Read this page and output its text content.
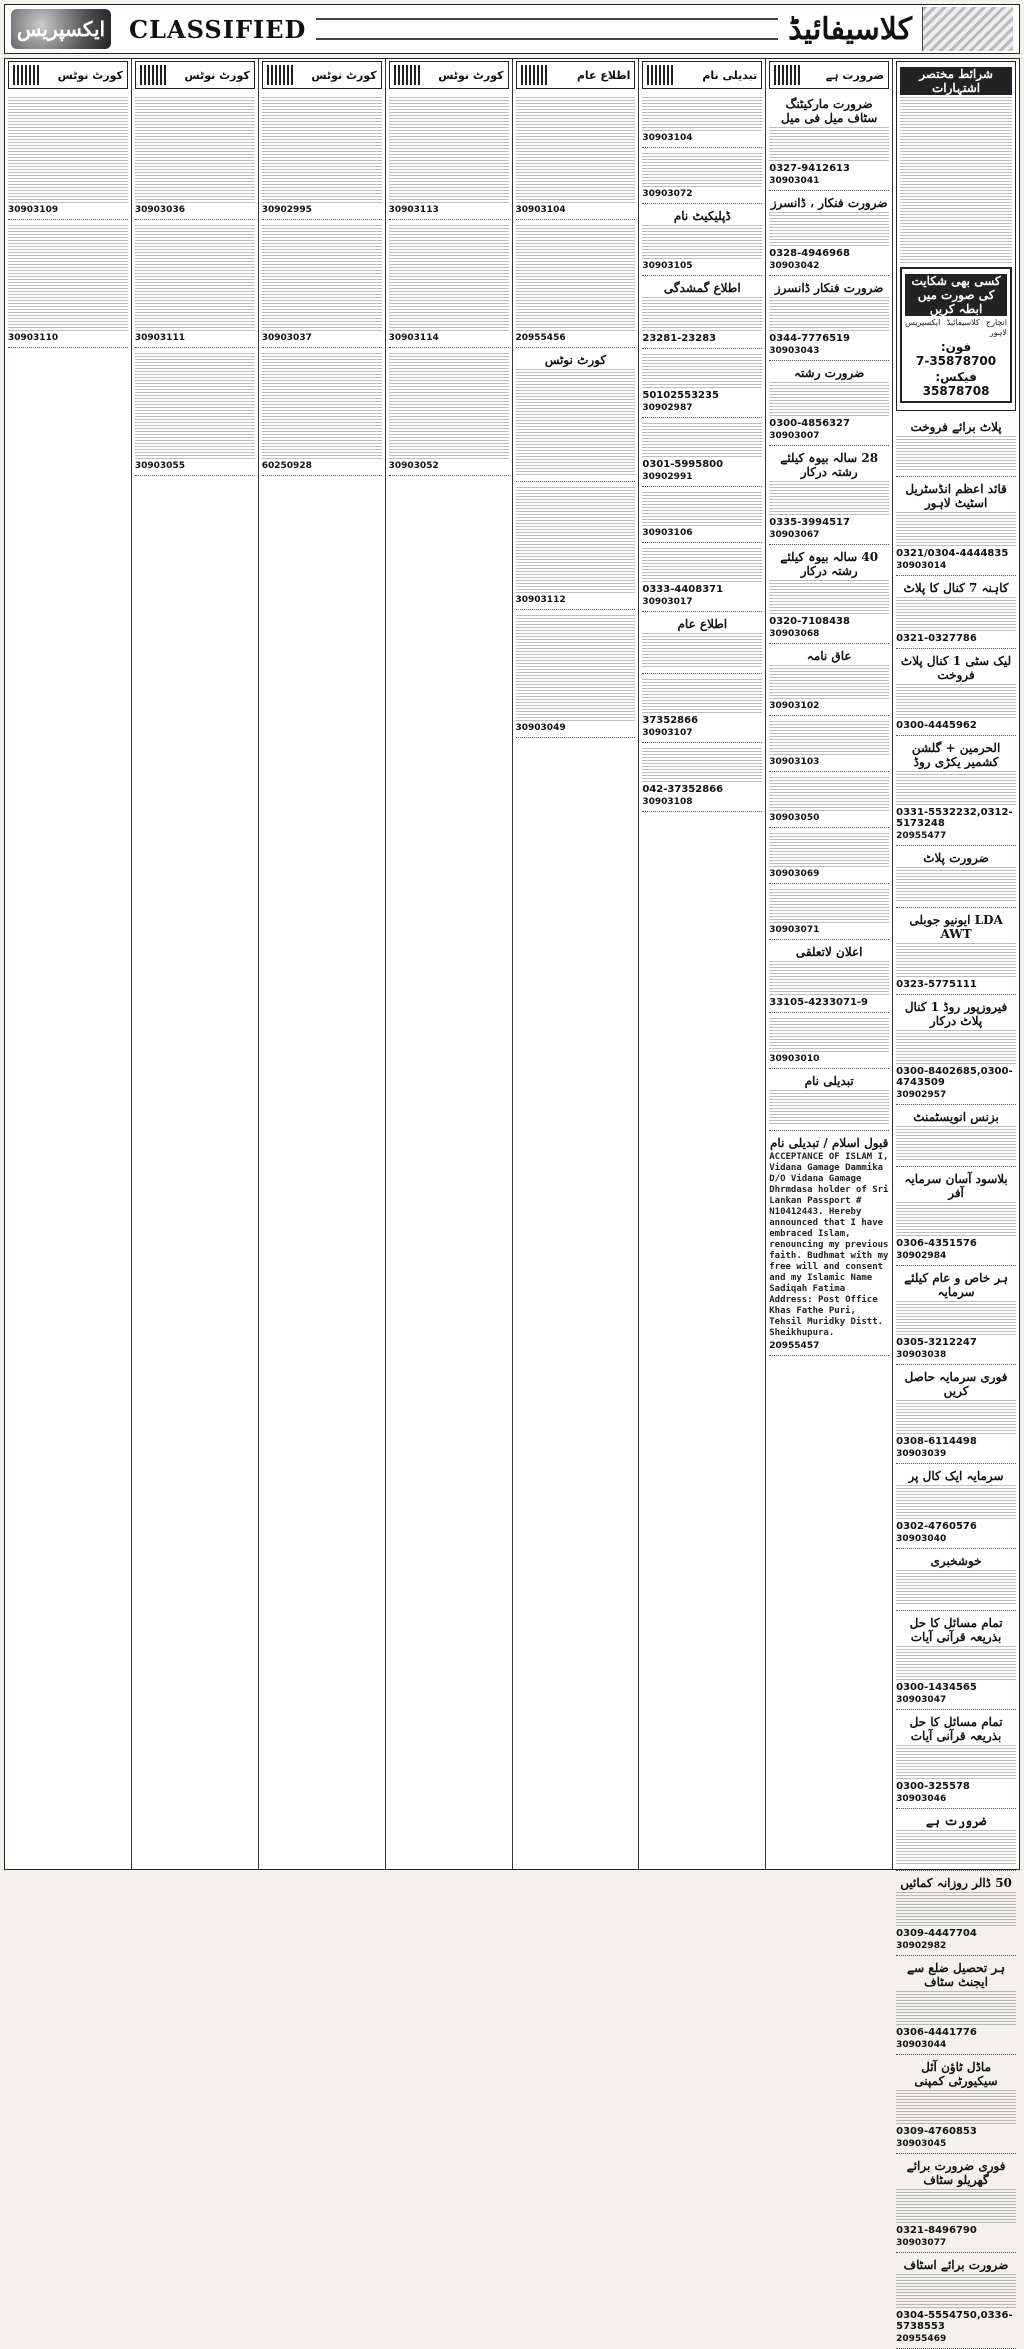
ایکسپریس CLASSIFIED	کلاسیفائیڈ
شرائط مختصر اشتہارات
کسی بھی شکایت کی صورت میں ابطہ کریں
انچارج کلاسیفائیڈ ایکسپریس لاہور
فون: 35878700-7
فیکس: 35878708
پلاٹ برائے فروخت
قائد اعظم انڈسٹریل اسٹیٹ لاہور
0321/0304-4444835
30903014
کاہنہ 7 کنال کا پلاٹ
0321-0327786
لیک سٹی 1 کنال پلاٹ فروخت
0300-4445962
الحرمین + گلشن کشمیر یکڑی روڈ
0331-5532232,0312-5173248
20955477
ضرورت پلاٹ
LDA ایونیو جوبلی AWT
0323-5775111
فیروزپور روڈ 1 کنال پلاٹ درکار
0300-8402685,0300-4743509
30902957
بزنس انویسٹمنٹ
بلاسود آسان سرمایہ آفر
0306-4351576
30902984
ہر خاص و عام کیلئے سرمایہ
0305-3212247
30903038
فوری سرمایہ حاصل کریں
0308-6114498
30903039
سرمایہ ایک کال پر
0302-4760576
30903040
خوشخبری
تمام مسائل کا حل بذریعہ قرآنی آیات
0300-1434565
30903047
تمام مسائل کا حل بذریعہ قرآنی آیات
0300-325578
30903046
ضرورت ہے
50 ڈالر روزانہ کمائیں
0309-4447704
30902982
ہر تحصیل ضلع سے ایجنٹ سٹاف
0306-4441776
30903044
ماڈل ٹاؤن آئل سیکیورٹی کمپنی
0309-4760853
30903045
فوری ضرورت برائے گھریلو سٹاف
0321-8496790
30903077
ضرورت برائے اسٹاف
0304-5554750,0336-5738553
20955469
ضرورت ہے
ضرورت مارکیٹنگ سٹاف میل فی میل
0327-9412613
30903041
ضرورت فنکار ، ڈانسرز
0328-4946968
30903042
ضرورت فنکار ڈانسرز
0344-7776519
30903043
ضرورت رشتہ
0300-4856327
30903007
28 سالہ بیوہ کیلئے رشتہ درکار
0335-3994517
30903067
40 سالہ بیوہ کیلئے رشتہ درکار
0320-7108438
30903068
عاق نامہ
30903102
30903103
30903050
30903069
30903071
اعلان لاتعلقی
33105-4233071-9
30903010
تبدیلی نام
قبول اسلام / تبدیلی نام
ACCEPTANCE OF ISLAM I, Vidana Gamage Dammika D/O Vidana Gamage Dhrmdasa holder of Sri Lankan Passport # N10412443. Hereby announced that I have embraced Islam, renouncing my previous faith. Budhmat with my free will and consent and my Islamic Name Sadiqah Fatima Address: Post Office Khas Fathe Puri, Tehsil Muridky Distt. Sheikhupura.
20955457
تبدیلی نام
30903104
30903072
ڈپلیکیٹ نام
30903105
اطلاع گمشدگی
23281-23283
50102553235
30902987
0301-5995800
30902991
30903106
0333-4408371
30903017
اطلاع عام
37352866
30903107
042-37352866
30903108
اطلاع عام
30903104
20955456
کورٹ نوٹس
30903112
30903049
کورٹ نوٹس
30903113
30903114
30903052
کورٹ نوٹس
30902995
30903037
60250928
کورٹ نوٹس
30903036
30903111
30903055
کورٹ نوٹس
30903109
30903110
